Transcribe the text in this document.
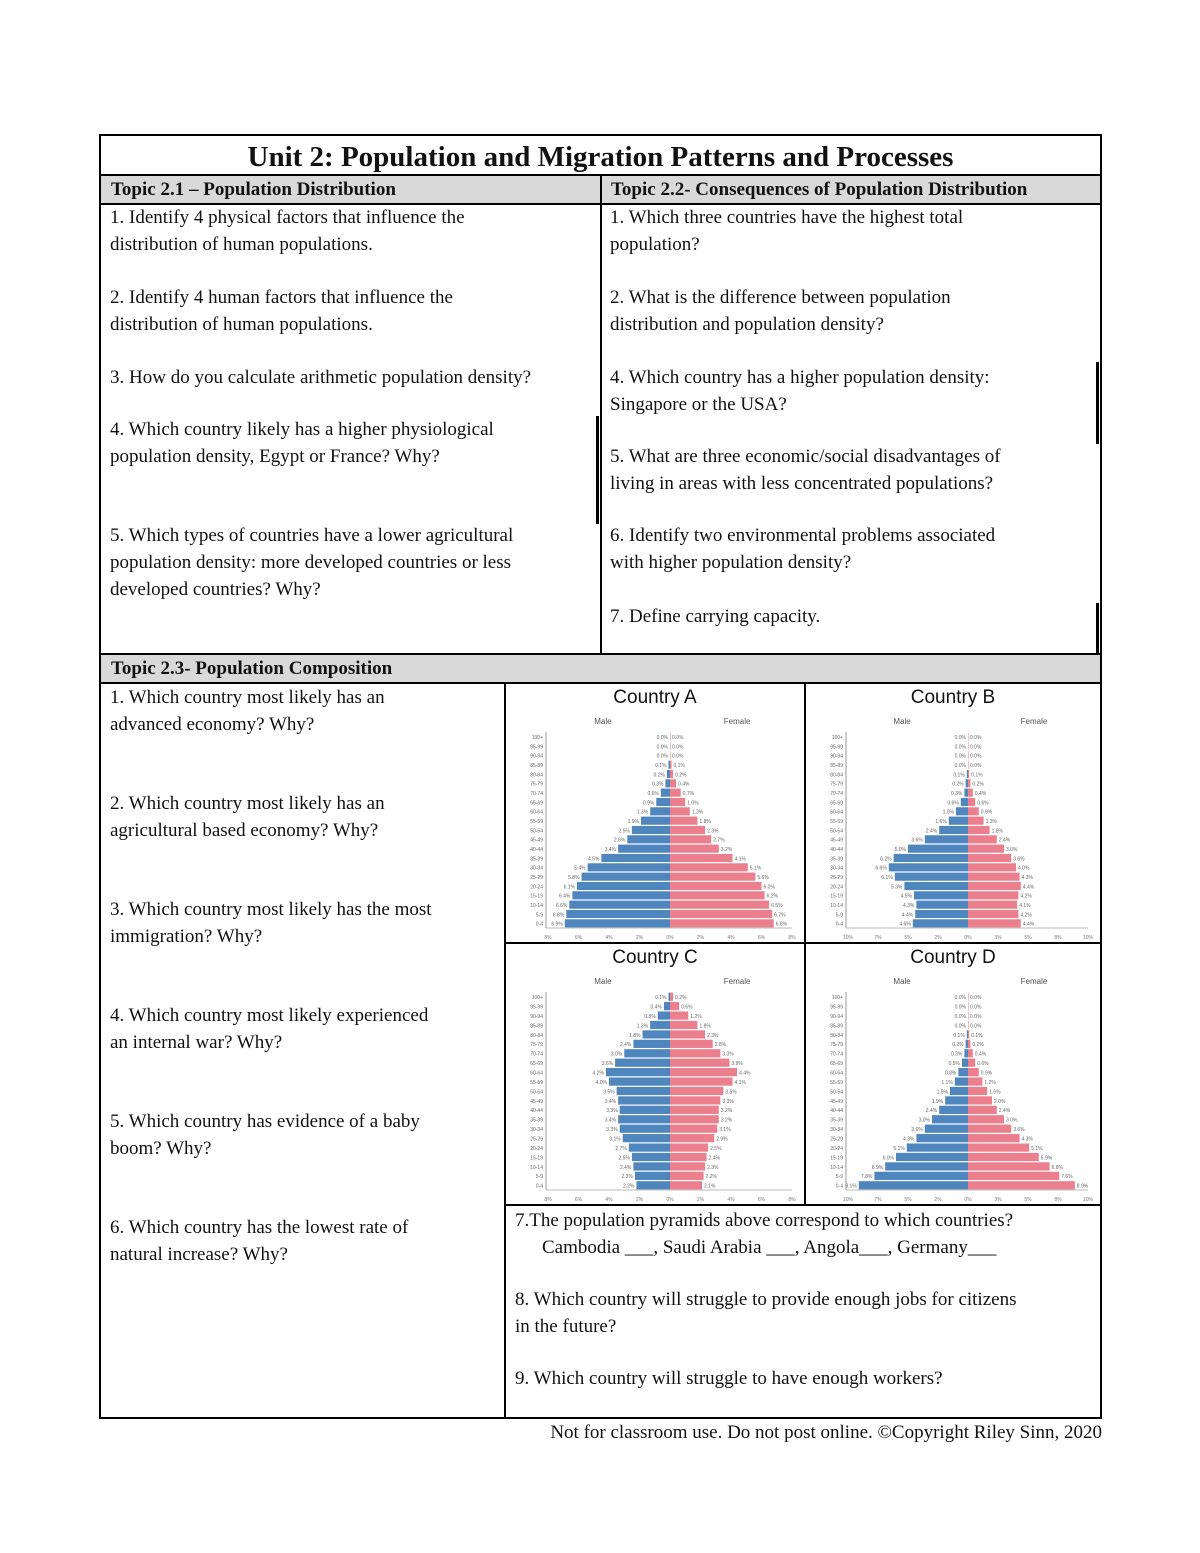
Unit 2: Population and Migration Patterns and Processes
Topic 2.1 – Population Distribution	Topic 2.2- Consequences of Population Distribution

1. Identify 4 physical factors that influence the

distribution of human populations.

2. Identify 4 human factors that influence the

distribution of human populations.

3. How do you calculate arithmetic population density?

4. Which country likely has a higher physiological

population density, Egypt or France? Why?

5. Which types of countries have a lower agricultural

population density: more developed countries or less

developed countries? Why?

1. Which three countries have the highest total

population?

2. What is the difference between population

distribution and population density?

4. Which country has a higher population density:

Singapore or the USA?

5. What are three economic/social disadvantages of

living in areas with less concentrated populations?

6. Identify two environmental problems associated

with higher population density?

7. Define carrying capacity.

Topic 2.3- Population Composition

1. Which country most likely has an

advanced economy? Why?

2. Which country most likely has an

agricultural based economy? Why?

3. Which country most likely has the most

immigration? Why?

4. Which country most likely experienced

an internal war? Why?

5. Which country has evidence of a baby

boom? Why?

6. Which country has the lowest rate of

natural increase? Why?

Country A
Male	Female
0-4 6.9%	6.8%
5-9 6.8%	6.7%
10-14	6.6%	6.5%
15-19	6.4%	6.2%
20-24	6.1%	6.0%
25-29	5.8%	5.6%
30-34	5.4%	5.1%
35-39	4.5%	4.1%
40-44	3.4%	3.2%
45-49	2.8%	2.7%
50-54	2.5%	2.3%
55-59	1.9%	1.8%
60-64	1.3%	1.3%
65-69	0.9%	1.0%
70-74	0.6%	0.7%
75-79	0.3%	0.4%
80-84	0.2% 0.2%
85-89	0.1% 0.1%
90-94	0.0% 0.0%
95-99	0.0% 0.0%
100+	0.0% 0.0%
8%	6%	4%	2%	0%	2%	4%	6%	8%
Country B
Male	Female
0-4	4.6%	4.4%
5-9	4.4%	4.2%
10-14	4.3%	4.1%
15-19	4.5%	4.2%
20-24	5.3%	4.4%
25-29	6.1%	4.3%
30-34	6.6%	4.0%
35-39	6.2%	3.6%
40-44	5.0%	3.0%
45-49	3.6%	2.4%
50-54	2.4%	1.8%
55-59	1.6%	1.3%
60-64	1.0%	0.9%
65-69	0.6%	0.6%
70-74	0.3% 0.4%
75-79	0.2% 0.2%
80-84	0.1% 0.1%
85-89	0.0% 0.0%
90-94	0.0% 0.0%
95-99	0.0% 0.0%
100+	0.0% 0.0%
10%	7%	5%	2%	0%	3%	5%	8%	10%
Country C
Male	Female
0-4	2.2%	2.1%
5-9	2.3%	2.2%
10-14	2.4%	2.3%
15-19	2.5%	2.4%
20-24	2.7%	2.5%
25-29	3.1%	2.9%
30-34	3.3%	3.1%
35-39	3.4%	3.2%
40-44	3.3%	3.2%
45-49	3.4%	3.3%
50-54	3.5%	3.5%
55-59	4.0%	4.1%
60-64	4.2%	4.4%
65-69	3.6%	3.9%
70-74	3.0%	3.3%
75-79	2.4%	2.8%
80-84	1.8%	2.3%
85-89	1.3%	1.8%
90-94	0.8%	1.2%
95-99	0.4%	0.6%
100+	0.1% 0.2%
8%	6%	4%	2%	0%	2%	4%	6%	8%
Country D
Male	Female
0-4 9.1%	8.9%
5-9	7.8%	7.6%
10-14	6.9%	6.8%
15-19	6.0%	5.9%
20-24	5.1%	5.1%
25-29	4.3%	4.3%
30-34	3.6%	3.6%
35-39	3.0%	3.0%
40-44	2.4%	2.4%
45-49	1.9%	2.0%
50-54	1.5%	1.6%
55-59	1.1%	1.2%
60-64	0.8%	0.9%
65-69	0.5%	0.6%
70-74	0.3% 0.4%
75-79	0.2% 0.2%
80-84	0.1% 0.1%
85-89	0.0% 0.0%
90-94	0.0% 0.0%
95-99	0.0% 0.0%
100+	0.0% 0.0%
10%	7%	5%	2%	0%	3%	5%	8%	10%

7.The population pyramids above correspond to which countries?

Cambodia ___, Saudi Arabia ___, Angola___, Germany___

8. Which country will struggle to provide enough jobs for citizens

in the future?

9. Which country will struggle to have enough workers?

Not for classroom use. Do not post online. ©Copyright Riley Sinn, 2020
